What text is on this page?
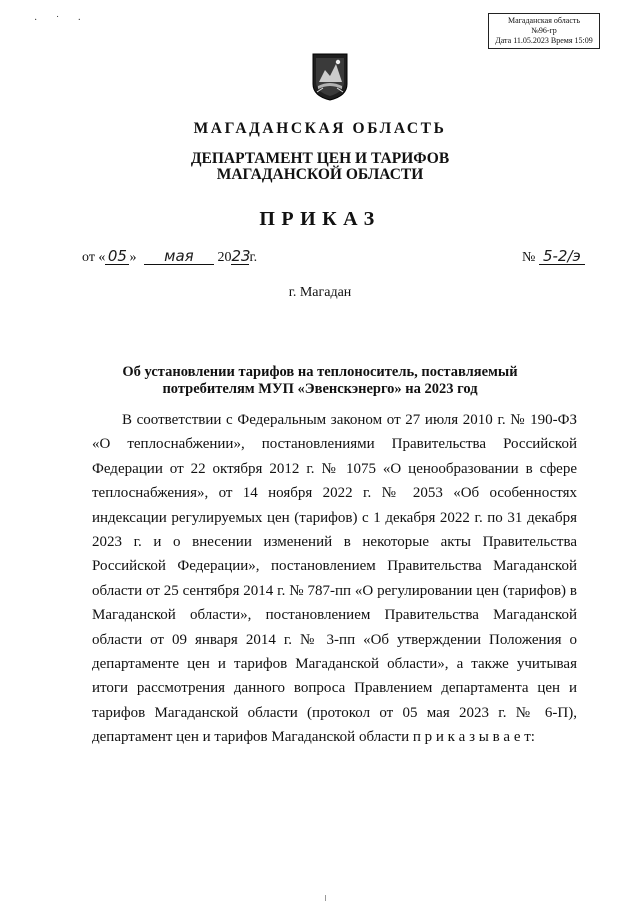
Магаданская область
№96-гр
Дата 11.05.2023 Время 15:09
· ˙ ·
МАГАДАНСКАЯ ОБЛАСТЬ
ДЕПАРТАМЕНТ ЦЕН И ТАРИФОВ
МАГАДАНСКОЙ ОБЛАСТИ
ПРИКАЗ
от « 05 » мая 2023г.	№ 5-2/э
г. Магадан
Об установлении тарифов на теплоноситель, поставляемый
потребителям МУП «Эвенскэнерго» на 2023 год

В соответствии с Федеральным законом от 27 июля 2010 г. № 190-ФЗ «О теплоснабжении», постановлениями Правительства Российской Федерации от 22 октября 2012 г. № 1075 «О ценообразовании в сфере теплоснабжения», от 14 ноября 2022 г. № 2053 «Об особенностях индексации регулируемых цен (тарифов) с 1 декабря 2022 г. по 31 декабря 2023 г. и о внесении изменений в некоторые акты Правительства Российской Федерации», постановлением Правительства Магаданской области от 25 сентября 2014 г. № 787-пп «О регулировании цен (тарифов) в Магаданской области», постановлением Правительства Магаданской области от 09 января 2014 г. № 3-пп «Об утверждении Положения о департаменте цен и тарифов Магаданской области», а также учитывая итоги рассмотрения данного вопроса Правлением департамента цен и тарифов Магаданской области (протокол от 05 мая 2023 г. № 6-П), департамент цен и тарифов Магаданской области п р и к а з ы в а е т:
